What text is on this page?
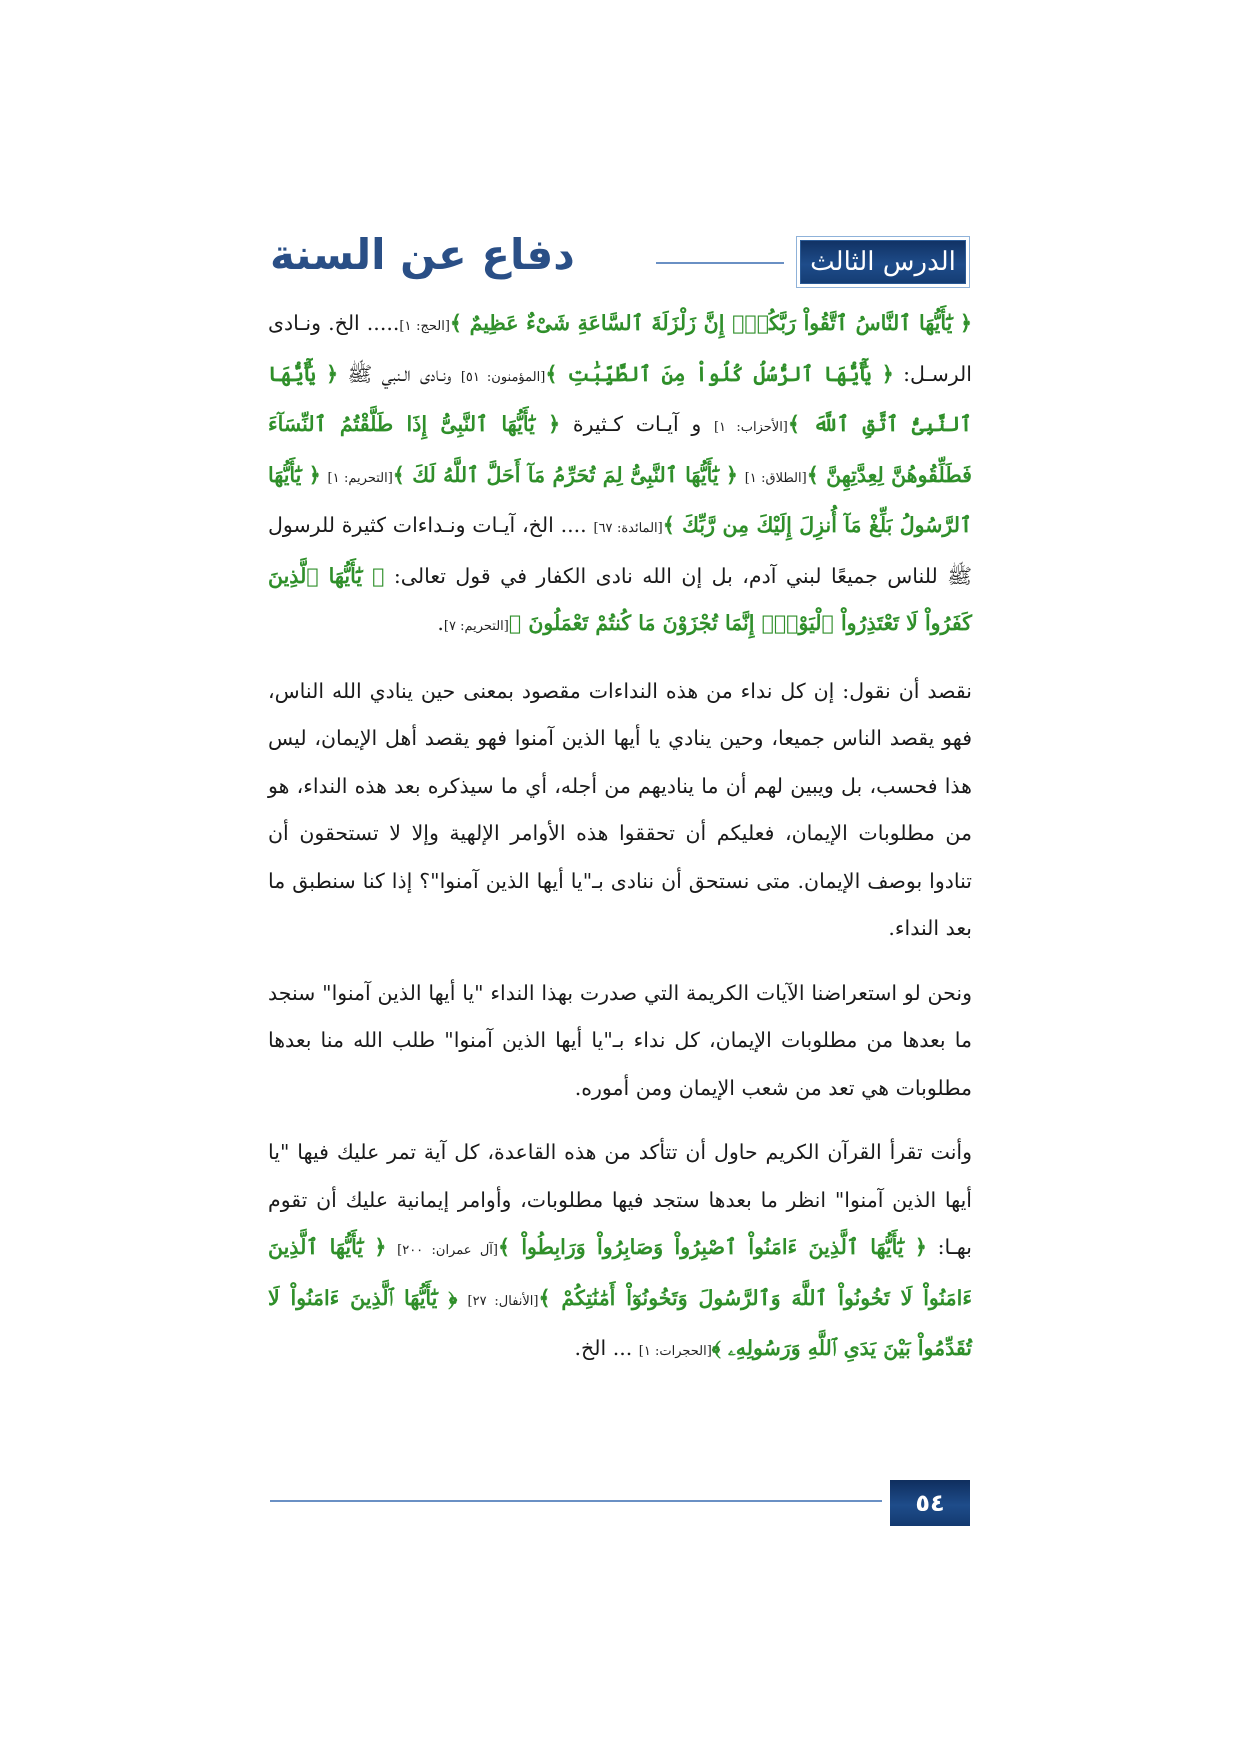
دفاع عن السنة	الدرس الثالث

﴿ يَٰٓأَيُّهَا ٱلنَّاسُ ٱتَّقُواْ رَبَّكُمْۚ إِنَّ زَلْزَلَةَ ٱلسَّاعَةِ شَىْءٌ عَظِيمٌ ﴾[الحج: ١]..... الخ. ونـادى الرسـل: ﴿ يَٰٓأَيُّهَا ٱلرُّسُلُ كُلُواْ مِنَ ٱلطَّيِّبَٰتِ ﴾[المؤمنون: ٥١] ونـادى الـنبي ﷺ ﴿ يَٰٓأَيُّهَا ٱلنَّبِىُّ ٱتَّقِ ٱللَّهَ ﴾[الأحزاب: ١] و آيـات كـثيرة ﴿ يَٰٓأَيُّهَا ٱلنَّبِىُّ إِذَا طَلَّقْتُمُ ٱلنِّسَآءَ فَطَلِّقُوهُنَّ لِعِدَّتِهِنَّ ﴾[الطلاق: ١] ﴿ يَٰٓأَيُّهَا ٱلنَّبِىُّ لِمَ تُحَرِّمُ مَآ أَحَلَّ ٱللَّهُ لَكَ ﴾[التحريم: ١] ﴿ يَٰٓأَيُّهَا ٱلرَّسُولُ بَلِّغْ مَآ أُنزِلَ إِلَيْكَ مِن رَّبِّكَ ﴾[المائدة: ٦٧] .... الخ، آيـات ونـداءات كثيرة للرسول ﷺ للناس جميعًا لبني آدم، بل إن الله نادى الكفار في قول تعالى: ﴿ يَٰٓأَيُّهَا ٱلَّذِينَ كَفَرُواْ لَا تَعْتَذِرُواْ ٱلْيَوْمَۖ إِنَّمَا تُجْزَوْنَ مَا كُنتُمْ تَعْمَلُونَ ﴾[التحريم: ٧].

نقصد أن نقول: إن كل نداء من هذه النداءات مقصود بمعنى حين ينادي الله الناس، فهو يقصد الناس جميعا، وحين ينادي يا أيها الذين آمنوا فهو يقصد أهل الإيمان، ليس هذا فحسب، بل ويبين لهم أن ما يناديهم من أجله، أي ما سيذكره بعد هذه النداء، هو من مطلوبات الإيمان، فعليكم أن تحققوا هذه الأوامر الإلهية وإلا لا تستحقون أن تنادوا بوصف الإيمان. متى نستحق أن ننادى بـ"يا أيها الذين آمنوا"؟ إذا كنا سنطبق ما بعد النداء.

ونحن لو استعراضنا الآيات الكريمة التي صدرت بهذا النداء "يا أيها الذين آمنوا" سنجد ما بعدها من مطلوبات الإيمان، كل نداء بـ"يا أيها الذين آمنوا" طلب الله منا بعدها مطلوبات هي تعد من شعب الإيمان ومن أموره.

وأنت تقرأ القرآن الكريم حاول أن تتأكد من هذه القاعدة، كل آية تمر عليك فيها "يا أيها الذين آمنوا" انظر ما بعدها ستجد فيها مطلوبات، وأوامر إيمانية عليك أن تقوم بهـا: ﴿ يَٰٓأَيُّهَا ٱلَّذِينَ ءَامَنُواْ ٱصْبِرُواْ وَصَابِرُواْ وَرَابِطُواْ ﴾[آل عمران: ٢٠٠] ﴿ يَٰٓأَيُّهَا ٱلَّذِينَ ءَامَنُواْ لَا تَخُونُواْ ٱللَّهَ وَٱلرَّسُولَ وَتَخُونُوٓاْ أَمَٰنَٰتِكُمْ ﴾[الأنفال: ٢٧] ﴿ يَٰٓأَيُّهَا ٱلَّذِينَ ءَامَنُواْ لَا تُقَدِّمُواْ بَيْنَ يَدَىِ ٱللَّهِ وَرَسُولِهِۦ ﴾[الحجرات: ١] ... الخ.

٥٤
